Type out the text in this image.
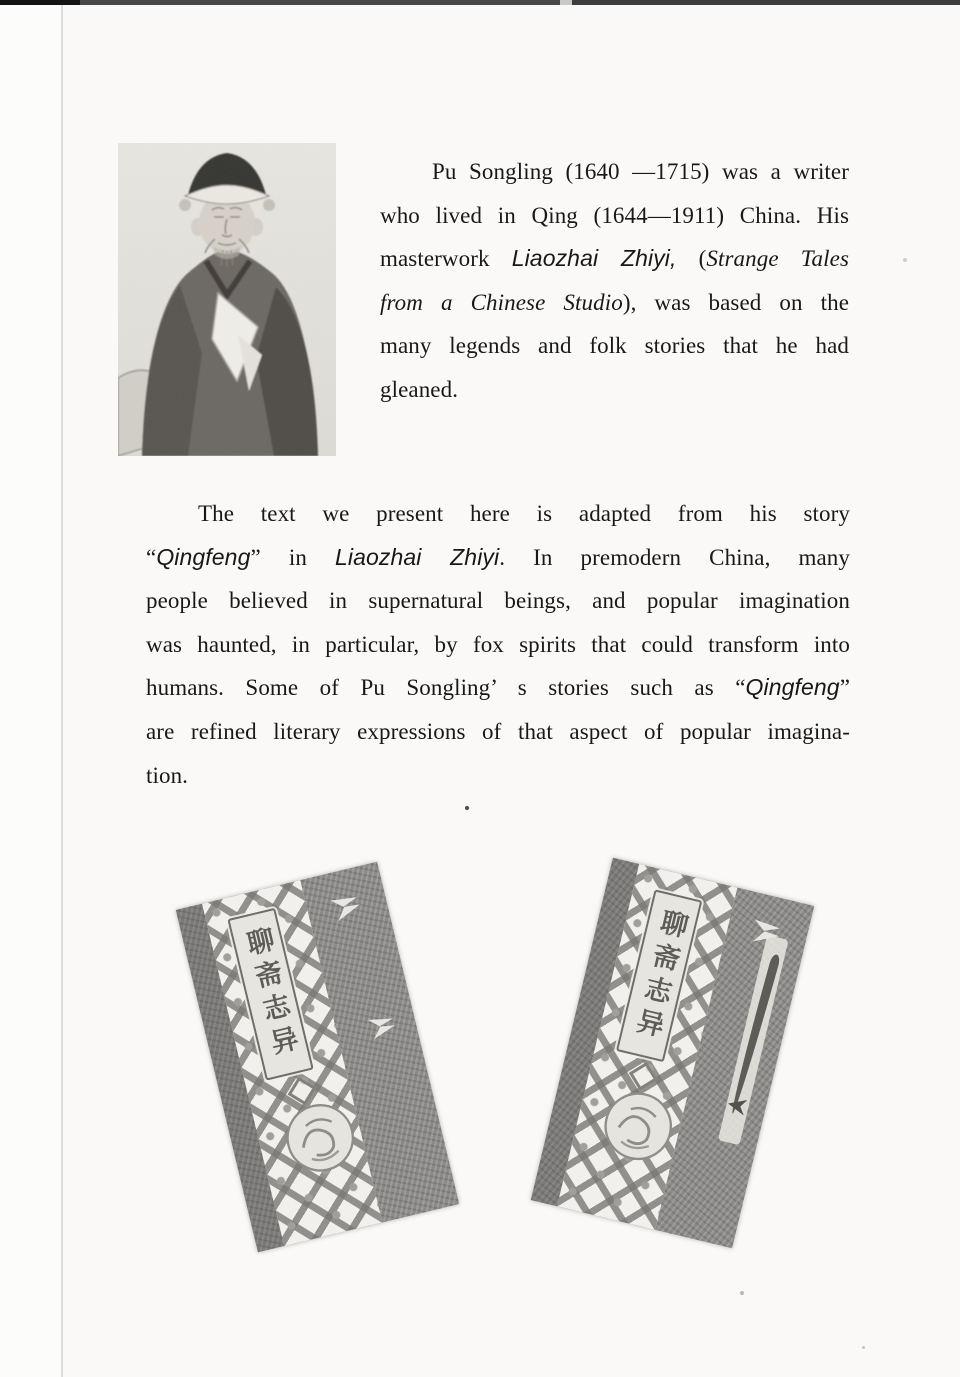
Pu Songling (1640 —1715) was a writer
who lived in Qing (1644—1911) China. His
masterwork Liaozhai Zhiyi, (Strange Tales
from a Chinese Studio), was based on the
many legends and folk stories that he had
gleaned.
The text we present here is adapted from his story
“Qingfeng” in Liaozhai Zhiyi. In premodern China, many
people believed in supernatural beings, and popular imagination
was haunted, in particular, by fox spirits that could transform into
humans. Some of Pu Songling’ s stories such as “Qingfeng”
are refined literary expressions of that aspect of popular imagina-
tion.
聊斋志异	聊斋志异
